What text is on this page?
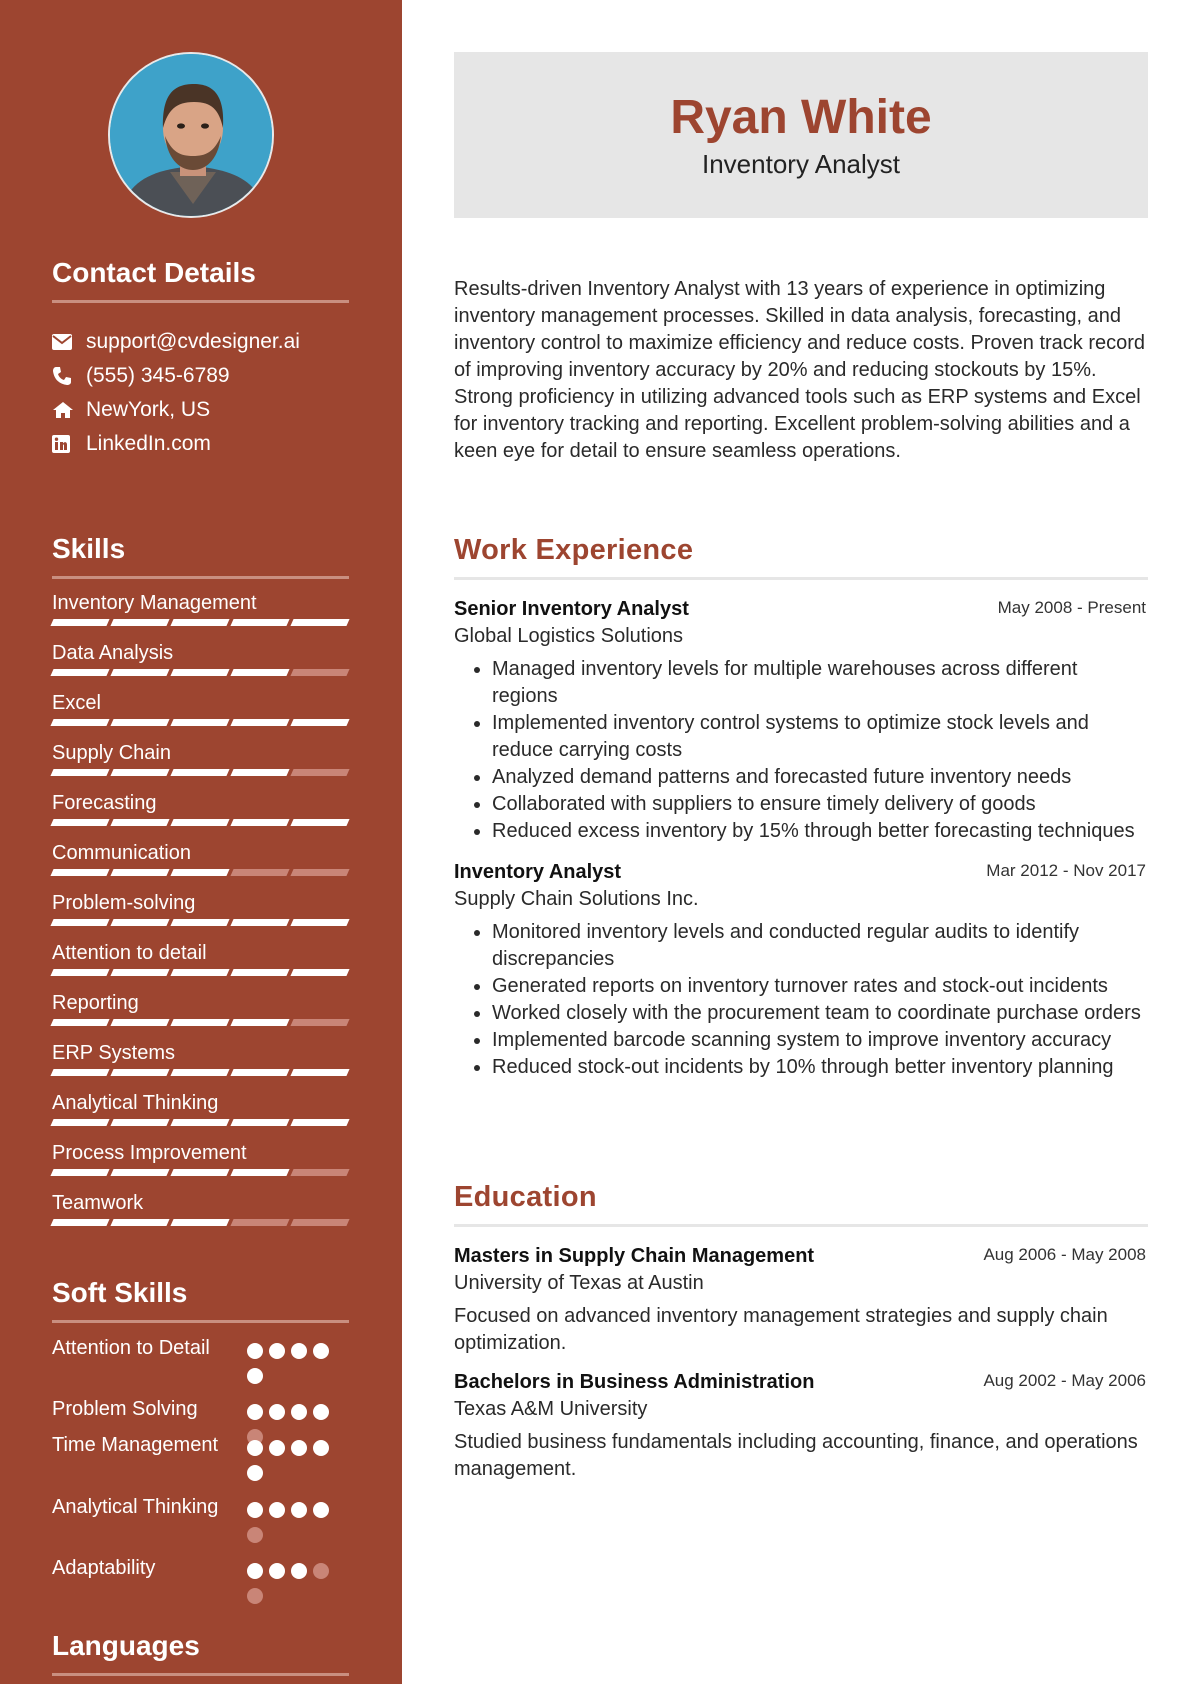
Contact Details
support@cvdesigner.ai
(555) 345-6789
NewYork, US
LinkedIn.com
Skills
Inventory Management
Data Analysis
Excel
Supply Chain
Forecasting
Communication
Problem-solving
Attention to detail
Reporting
ERP Systems
Analytical Thinking
Process Improvement
Teamwork
Soft Skills
Attention to Detail
Problem Solving
Time Management
Analytical Thinking
Adaptability
Languages
Ryan White
Inventory Analyst

Results-driven Inventory Analyst with 13 years of experience in optimizing inventory management processes. Skilled in data analysis, forecasting, and inventory control to maximize efficiency and reduce costs. Proven track record of improving inventory accuracy by 20% and reducing stockouts by 15%. Strong proficiency in utilizing advanced tools such as ERP systems and Excel for inventory tracking and reporting. Excellent problem-solving abilities and a keen eye for detail to ensure seamless operations.

Work Experience
Senior Inventory Analyst	May 2008 - Present
Global Logistics Solutions
• Managed inventory levels for multiple warehouses across different regions
• Implemented inventory control systems to optimize stock levels and reduce carrying costs
• Analyzed demand patterns and forecasted future inventory needs
• Collaborated with suppliers to ensure timely delivery of goods
• Reduced excess inventory by 15% through better forecasting techniques
Inventory Analyst	Mar 2012 - Nov 2017
Supply Chain Solutions Inc.
• Monitored inventory levels and conducted regular audits to identify discrepancies
• Generated reports on inventory turnover rates and stock-out incidents
• Worked closely with the procurement team to coordinate purchase orders
• Implemented barcode scanning system to improve inventory accuracy
• Reduced stock-out incidents by 10% through better inventory planning
Education
Masters in Supply Chain Management	Aug 2006 - May 2008
University of Texas at Austin

Focused on advanced inventory management strategies and supply chain optimization.

Bachelors in Business Administration	Aug 2002 - May 2006
Texas A&M University

Studied business fundamentals including accounting, finance, and operations management.
